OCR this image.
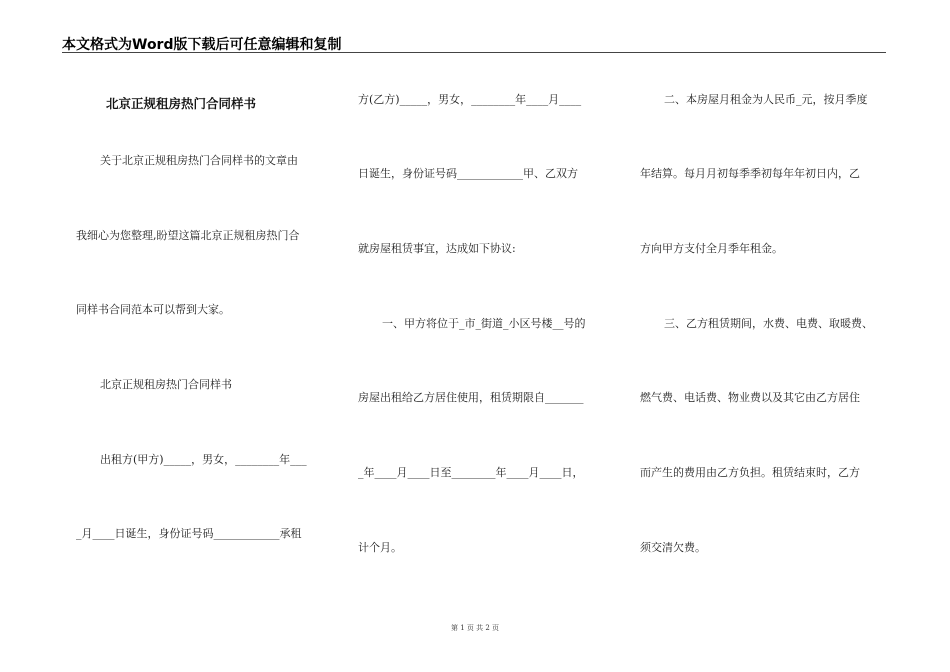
本文格式为Word版下载后可任意编辑和复制
北京正规租房热门合同样书
关于北京正规租房热门合同样书的文章由
我细心为您整理,盼望这篇北京正规租房热门合
同样书合同范本可以帮到大家。
北京正规租房热门合同样书
出租方(甲方)_____，男女，________年___
_月____日诞生，身份证号码____________承租
方(乙方)_____，男女，________年____月____
日诞生，身份证号码____________甲、乙双方
就房屋租赁事宜，达成如下协议:
一、甲方将位于_市_街道_小区号楼__号的
房屋出租给乙方居住使用，租赁期限自_______
_年____月____日至________年____月____日，
计个月。
二、本房屋月租金为人民币_元，按月季度
年结算。每月月初每季季初每年年初日内，乙
方向甲方支付全月季年租金。
三、乙方租赁期间，水费、电费、取暖费、
燃气费、电话费、物业费以及其它由乙方居住
而产生的费用由乙方负担。租赁结束时，乙方
须交清欠费。
第 1 页 共 2 页
